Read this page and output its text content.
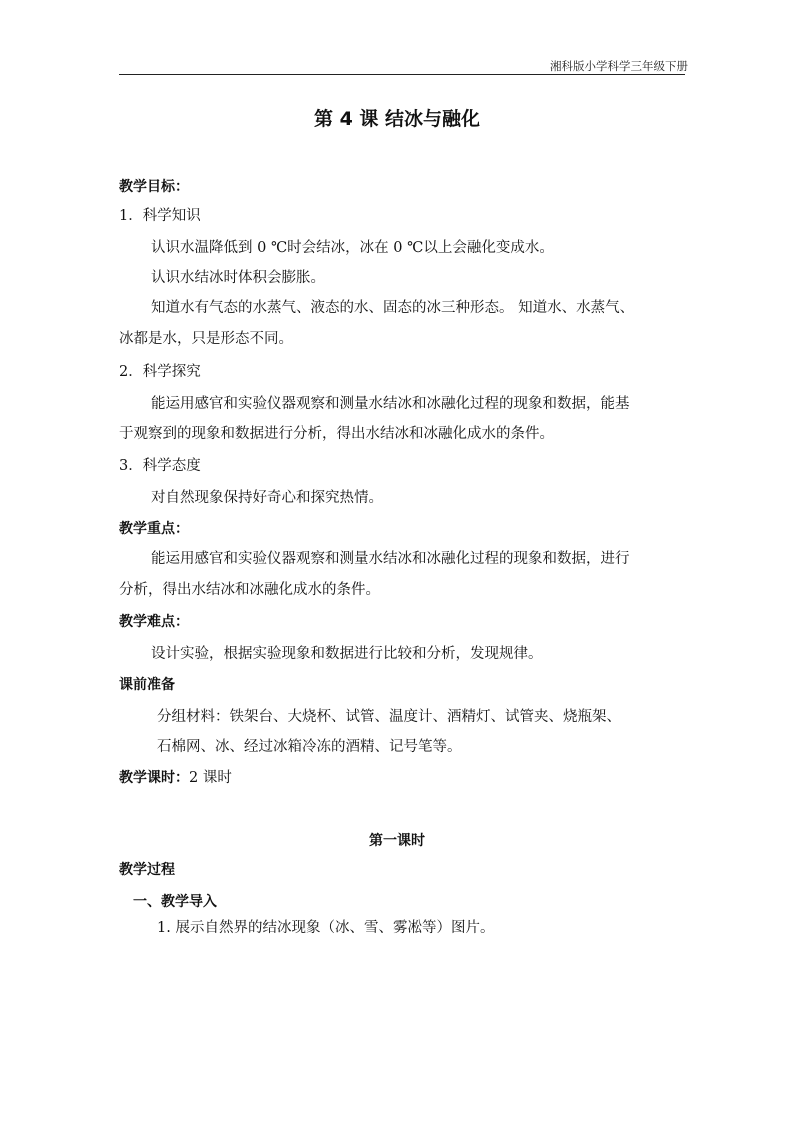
湘科版小学科学三年级下册
第 4 课 结冰与融化
教学目标：
1．科学知识
认识水温降低到 0 ℃时会结冰，冰在 0 ℃以上会融化变成水。
认识水结冰时体积会膨胀。
知道水有气态的水蒸气、液态的水、固态的冰三种形态。 知道水、水蒸气、
冰都是水，只是形态不同。
2．科学探究
能运用感官和实验仪器观察和测量水结冰和冰融化过程的现象和数据，能基
于观察到的现象和数据进行分析，得出水结冰和冰融化成水的条件。
3．科学态度
对自然现象保持好奇心和探究热情。
教学重点：
能运用感官和实验仪器观察和测量水结冰和冰融化过程的现象和数据，进行
分析，得出水结冰和冰融化成水的条件。
教学难点：
设计实验，根据实验现象和数据进行比较和分析，发现规律。
课前准备
分组材料：铁架台、大烧杯、试管、温度计、酒精灯、试管夹、烧瓶架、
石棉网、冰、经过冰箱冷冻的酒精、记号笔等。
教学课时：2 课时
第一课时
教学过程
一、教学导入
1. 展示自然界的结冰现象（冰、雪、雾凇等）图片。
